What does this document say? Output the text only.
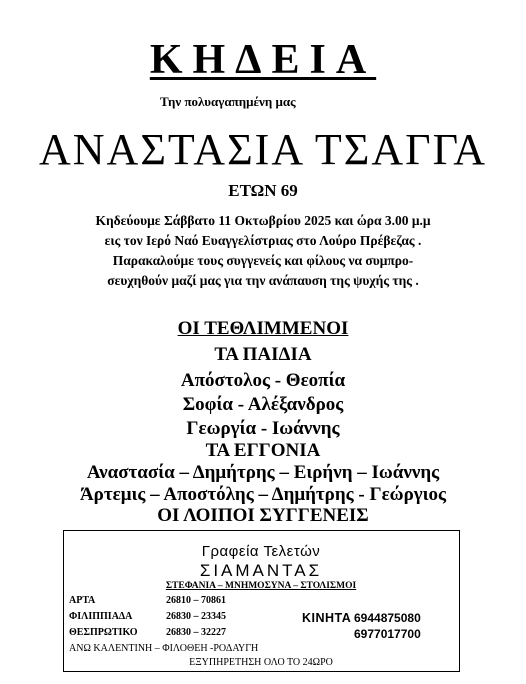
ΚΗΔΕΙΑ
Την πολυαγαπημένη μας
ΑΝΑΣΤΑΣΙΑ ΤΣΑΓΓΑ
ΕΤΩΝ 69
Κηδεύουμε Σάββατο 11 Οκτωβρίου 2025 και ώρα 3.00 μ.μ
εις τον Ιερό Ναό Ευαγγελίστριας στο Λούρο Πρέβεζας .
Παρακαλούμε τους συγγενείς και φίλους να συμπρο-
σευχηθούν μαζί μας για την ανάπαυση της ψυχής της .
ΟΙ ΤΕΘΛΙΜΜΕΝΟΙ
ΤΑ ΠΑΙΔΙΑ
Απόστολος - Θεοπία
Σοφία - Αλέξανδρος
Γεωργία - Ιωάννης
ΤΑ ΕΓΓΟΝΙΑ
Αναστασία – Δημήτρης – Ειρήνη – Ιωάννης
Άρτεμις – Αποστόλης – Δημήτρης - Γεώργιος
ΟΙ ΛΟΙΠΟΙ ΣΥΓΓΕΝΕΙΣ
Γραφεία Τελετών
ΣΙΑΜΑΝΤΑΣ
ΣΤΕΦΑΝΙΑ – ΜΝΗΜΟΣΥΝΑ – ΣΤΟΛΙΣΜΟΙ
ΑΡΤΑ	26810 – 70861
ΦΙΛΙΠΠΙΑΔΑ	26830 – 23345	ΚΙΝΗΤΑ 6944875080
ΘΕΣΠΡΩΤΙΚΟ	26830 – 32227	6977017700
ΑΝΩ ΚΑΛΕΝΤΙΝΗ – ΦΙΛΟΘΕΗ -ΡΟΔΑΥΓΗ
ΕΞΥΠΗΡΕΤΗΣΗ ΟΛΟ ΤΟ 24ΩΡΟ
